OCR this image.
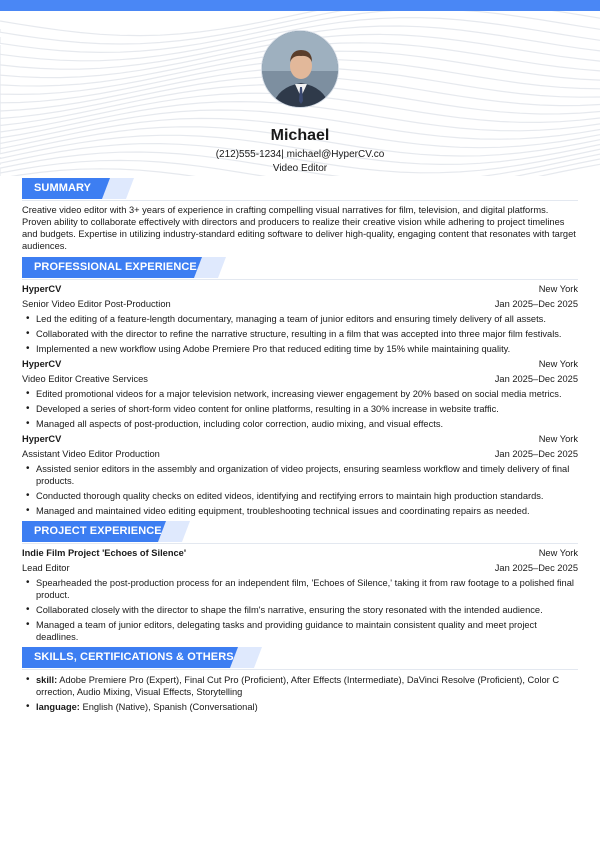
Michael
(212)555‑1234| michael@HyperCV.co
Video Editor
SUMMARY

Creative video editor with 3+ years of experience in crafting compelling visual narratives for film, television, and digital platforms. Proven ability to collaborate effectively with directors and producers to realize their creative vision while adhering to project timelines and budgets. Expertise in utilizing industry‑standard editing software to deliver high‑quality, engaging content that resonates with target audiences.

PROFESSIONAL EXPERIENCE
HyperCV	New York
Senior Video Editor Post‑Production	Jan 2025–Dec 2025
• Led the editing of a feature‑length documentary, managing a team of junior editors and ensuring timely delivery of all assets.
• Collaborated with the director to refine the narrative structure, resulting in a film that was accepted into three major film festivals.
• Implemented a new workflow using Adobe Premiere Pro that reduced editing time by 15% while maintaining quality.
HyperCV	New York
Video Editor Creative Services	Jan 2025–Dec 2025
• Edited promotional videos for a major television network, increasing viewer engagement by 20% based on social media metrics.
• Developed a series of short‑form video content for online platforms, resulting in a 30% increase in website traffic.
• Managed all aspects of post‑production, including color correction, audio mixing, and visual effects.
HyperCV	New York
Assistant Video Editor Production	Jan 2025–Dec 2025
• Assisted senior editors in the assembly and organization of video projects, ensuring seamless workflow and timely delivery of final products.
• Conducted thorough quality checks on edited videos, identifying and rectifying errors to maintain high production standards.
• Managed and maintained video editing equipment, troubleshooting technical issues and coordinating repairs as needed.
PROJECT EXPERIENCE
Indie Film Project 'Echoes of Silence'	New York
Lead Editor	Jan 2025–Dec 2025
• Spearheaded the post‑production process for an independent film, 'Echoes of Silence,' taking it from raw footage to a polished final product.
• Collaborated closely with the director to shape the film's narrative, ensuring the story resonated with the intended audience.
• Managed a team of junior editors, delegating tasks and providing guidance to maintain consistent quality and meet project deadlines.
SKILLS, CERTIFICATIONS & OTHERS
• skill: Adobe Premiere Pro (Expert), Final Cut Pro (Proficient), After Effects (Intermediate), DaVinci Resolve (Proficient), Color C orrection, Audio Mixing, Visual Effects, Storytelling
• language: English (Native), Spanish (Conversational)
